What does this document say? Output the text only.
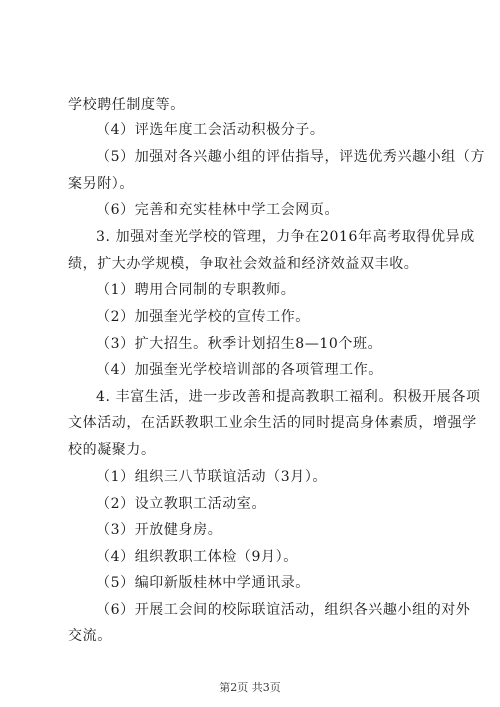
学校聘任制度等。
（4）评选年度工会活动积极分子。
（5）加强对各兴趣小组的评估指导，评选优秀兴趣小组（方
案另附）。
（6）完善和充实桂林中学工会网页。
3. 加强对奎光学校的管理，力争在2016年高考取得优异成
绩，扩大办学规模，争取社会效益和经济效益双丰收。
（1）聘用合同制的专职教师。
（2）加强奎光学校的宣传工作。
（3）扩大招生。秋季计划招生8—10个班。
（4）加强奎光学校培训部的各项管理工作。
4. 丰富生活，进一步改善和提高教职工福利。积极开展各项
文体活动，在活跃教职工业余生活的同时提高身体素质，增强学
校的凝聚力。
（1）组织三八节联谊活动（3月）。
（2）设立教职工活动室。
（3）开放健身房。
（4）组织教职工体检（9月）。
（5）编印新版桂林中学通讯录。
（6）开展工会间的校际联谊活动，组织各兴趣小组的对外
交流。
第2页 共3页
